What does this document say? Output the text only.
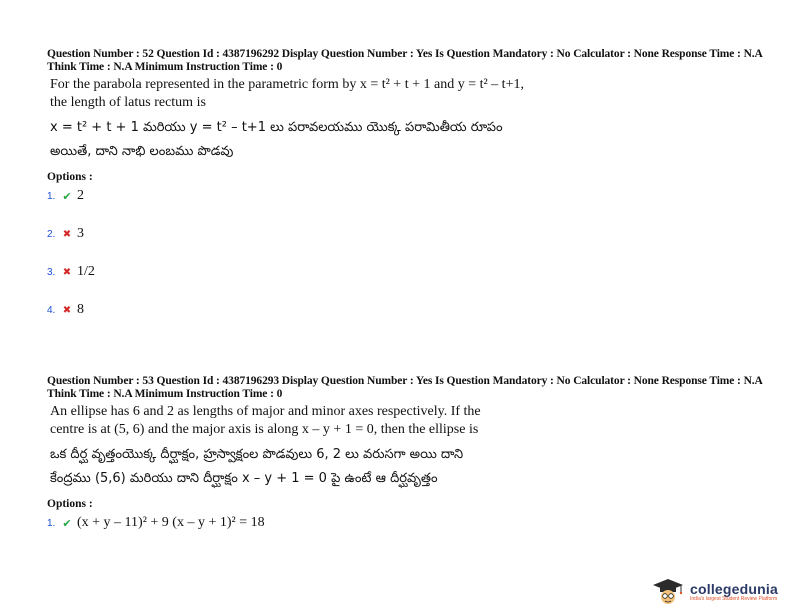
Question Number : 52 Question Id : 4387196292 Display Question Number : Yes Is Question Mandatory : No Calculator : None Response Time : N.A Think Time : N.A Minimum Instruction Time : 0
For the parabola represented in the parametric form by x = t² + t + 1 and y = t² – t+1,
the length of latus rectum is
x = t² + t + 1 మరియు y = t² – t+1 లు పరావలయము యొక్క పరామితీయ రూపం
అయితే, దాని నాభి లంబము పొడవు
Options :
1. ✔ 2
2. ✖ 3
3. ✖ 1/2
4. ✖ 8
Question Number : 53 Question Id : 4387196293 Display Question Number : Yes Is Question Mandatory : No Calculator : None Response Time : N.A Think Time : N.A Minimum Instruction Time : 0
An ellipse has 6 and 2 as lengths of major and minor axes respectively. If the
centre is at (5, 6) and the major axis is along x – y + 1 = 0, then the ellipse is
ఒక దీర్ఘ వృత్తంయొక్క దీర్ఘాక్షం, హ్రస్వాక్షంల పొడవులు 6, 2 లు వరుసగా అయి దాని
కేంద్రము (5,6) మరియు దాని దీర్ఘాక్షం x – y + 1 = 0 పై ఉంటే ఆ దీర్ఘవృత్తం
Options :
1. ✔ (x + y – 11)² + 9 (x – y + 1)² = 18
collegedunia
India's largest Student Review Platform
